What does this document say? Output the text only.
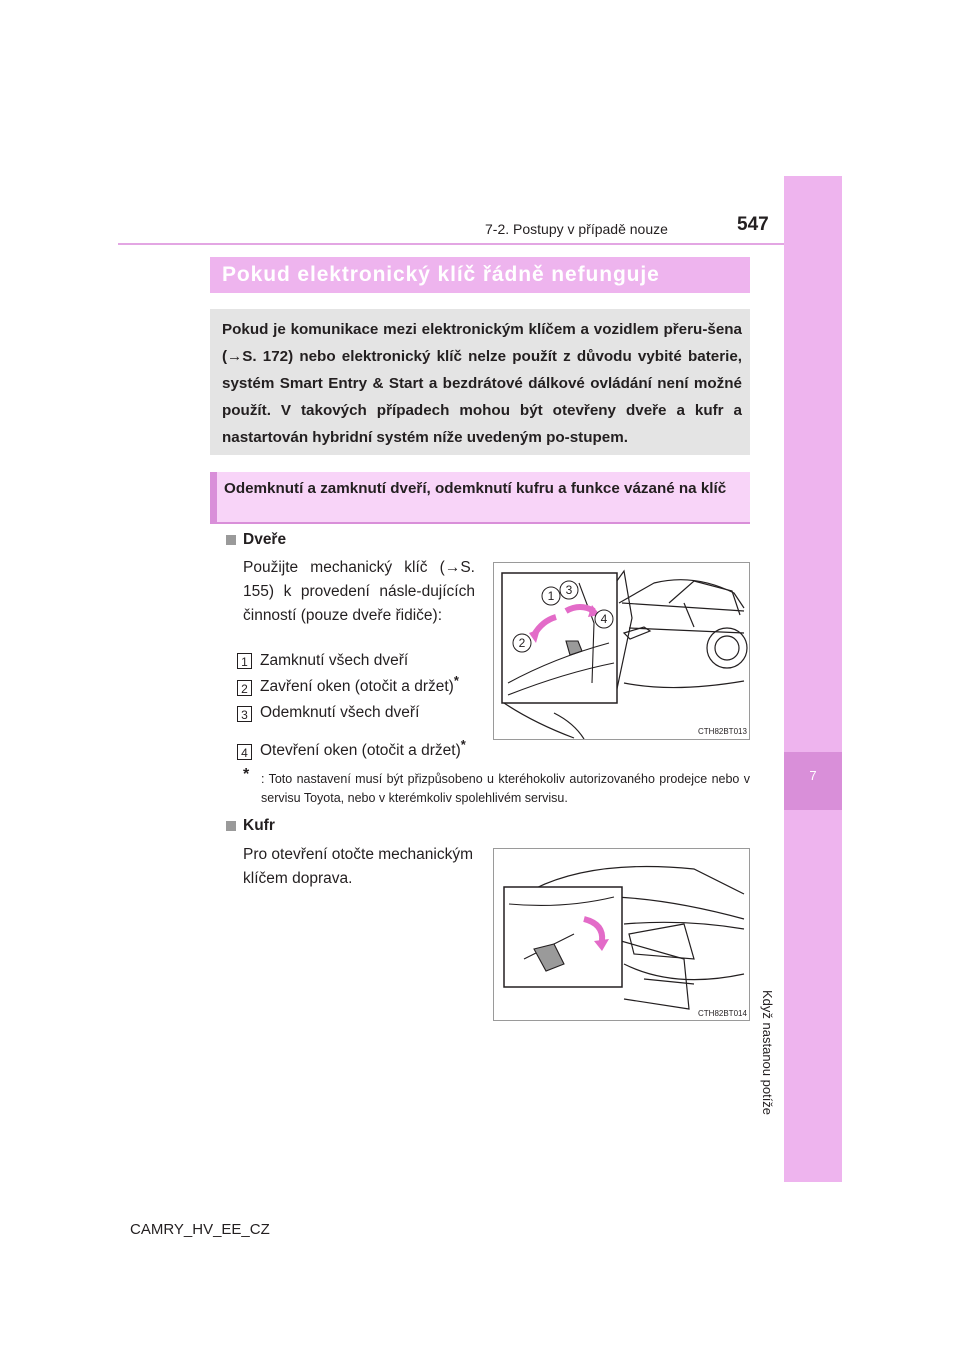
7
Když nastanou potíže
7-2. Postupy v případě nouze	547
Pokud elektronický klíč řádně nefunguje
Pokud je komunikace mezi elektronickým klíčem a vozidlem přeru-šena (→S. 172) nebo elektronický klíč nelze použít z důvodu vybité baterie, systém Smart Entry & Start a bezdrátové dálkové ovládání není možné použít. V takových případech mohou být otevřeny dveře a kufr a nastartován hybridní systém níže uvedeným po-stupem.
Odemknutí a zamknutí dveří, odemknutí kufru a funkce vázané na klíč
Dveře
Použijte mechanický klíč (→S. 155) k provedení násle-dujících činností (pouze dveře řidiče):
1 Zamknutí všech dveří
2 Zavření oken (otočit a držet)*
3 Odemknutí všech dveří
4 Otevření oken (otočit a držet)*
* : Toto nastavení musí být přizpůsobeno u kteréhokoliv autorizovaného prodejce nebo v servisu Toyota, nebo v kterémkoliv spolehlivém servisu.
1
2
3
4
CTH82BT013
Kufr
Pro otevření otočte mechanickým klíčem doprava.
CTH82BT014
CAMRY_HV_EE_CZ
